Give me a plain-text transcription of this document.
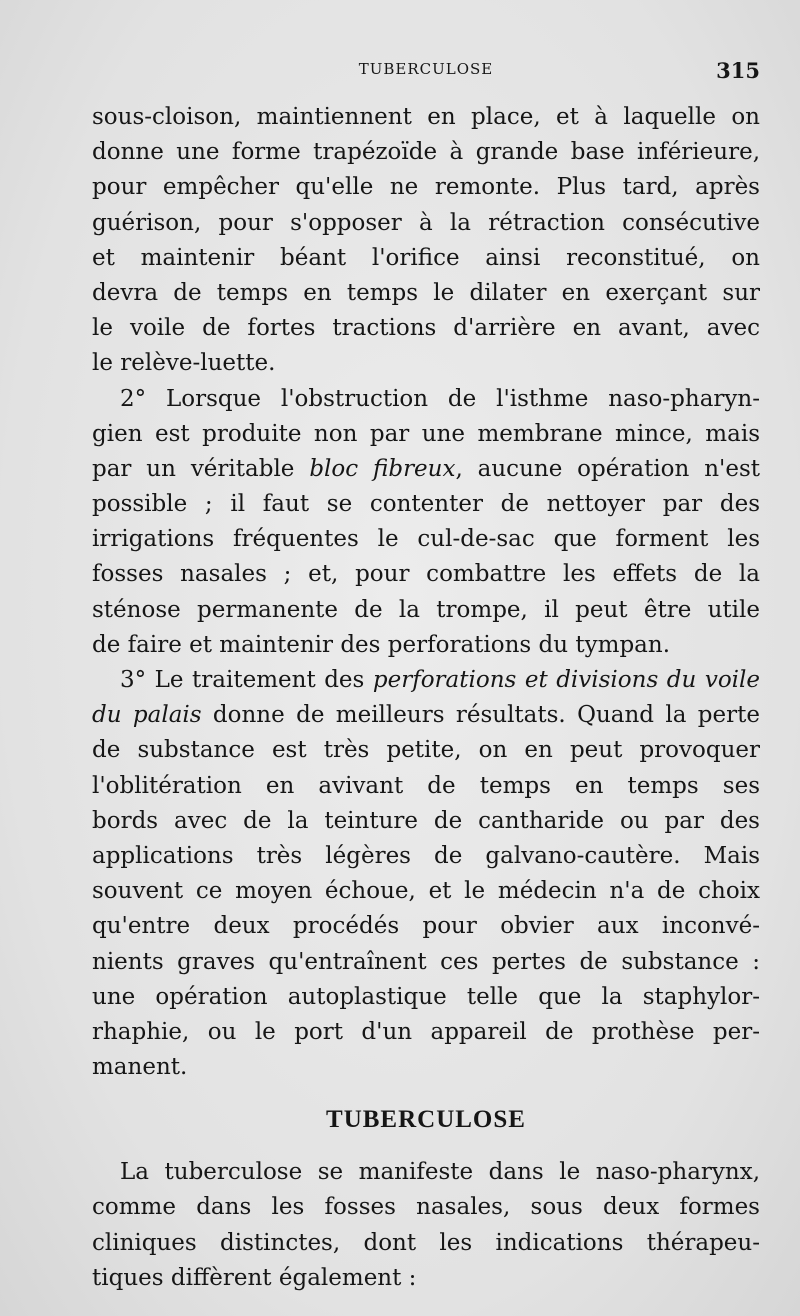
TUBERCULOSE	315
sous-cloison, maintiennent en place, et à laquelle on
donne une forme trapézoïde à grande base inférieure,
pour empêcher qu'elle ne remonte. Plus tard, après
guérison, pour s'opposer à la rétraction consécutive
et maintenir béant l'orifice ainsi reconstitué, on
devra de temps en temps le dilater en exerçant sur
le voile de fortes tractions d'arrière en avant, avec
le relève-luette.
2° Lorsque l'obstruction de l'isthme naso-pharyn-
gien est produite non par une membrane mince, mais
par un véritable bloc fibreux, aucune opération n'est
possible ; il faut se contenter de nettoyer par des
irrigations fréquentes le cul-de-sac que forment les
fosses nasales ; et, pour combattre les effets de la
sténose permanente de la trompe, il peut être utile
de faire et maintenir des perforations du tympan.
3° Le traitement des perforations et divisions du voile
du palais donne de meilleurs résultats. Quand la perte
de substance est très petite, on en peut provoquer
l'oblitération en avivant de temps en temps ses
bords avec de la teinture de cantharide ou par des
applications très légères de galvano-cautère. Mais
souvent ce moyen échoue, et le médecin n'a de choix
qu'entre deux procédés pour obvier aux inconvé-
nients graves qu'entraînent ces pertes de substance :
une opération autoplastique telle que la staphylor-
rhaphie, ou le port d'un appareil de prothèse per-
manent.
TUBERCULOSE
La tuberculose se manifeste dans le naso-pharynx,
comme dans les fosses nasales, sous deux formes
cliniques distinctes, dont les indications thérapeu-
tiques diffèrent également :
